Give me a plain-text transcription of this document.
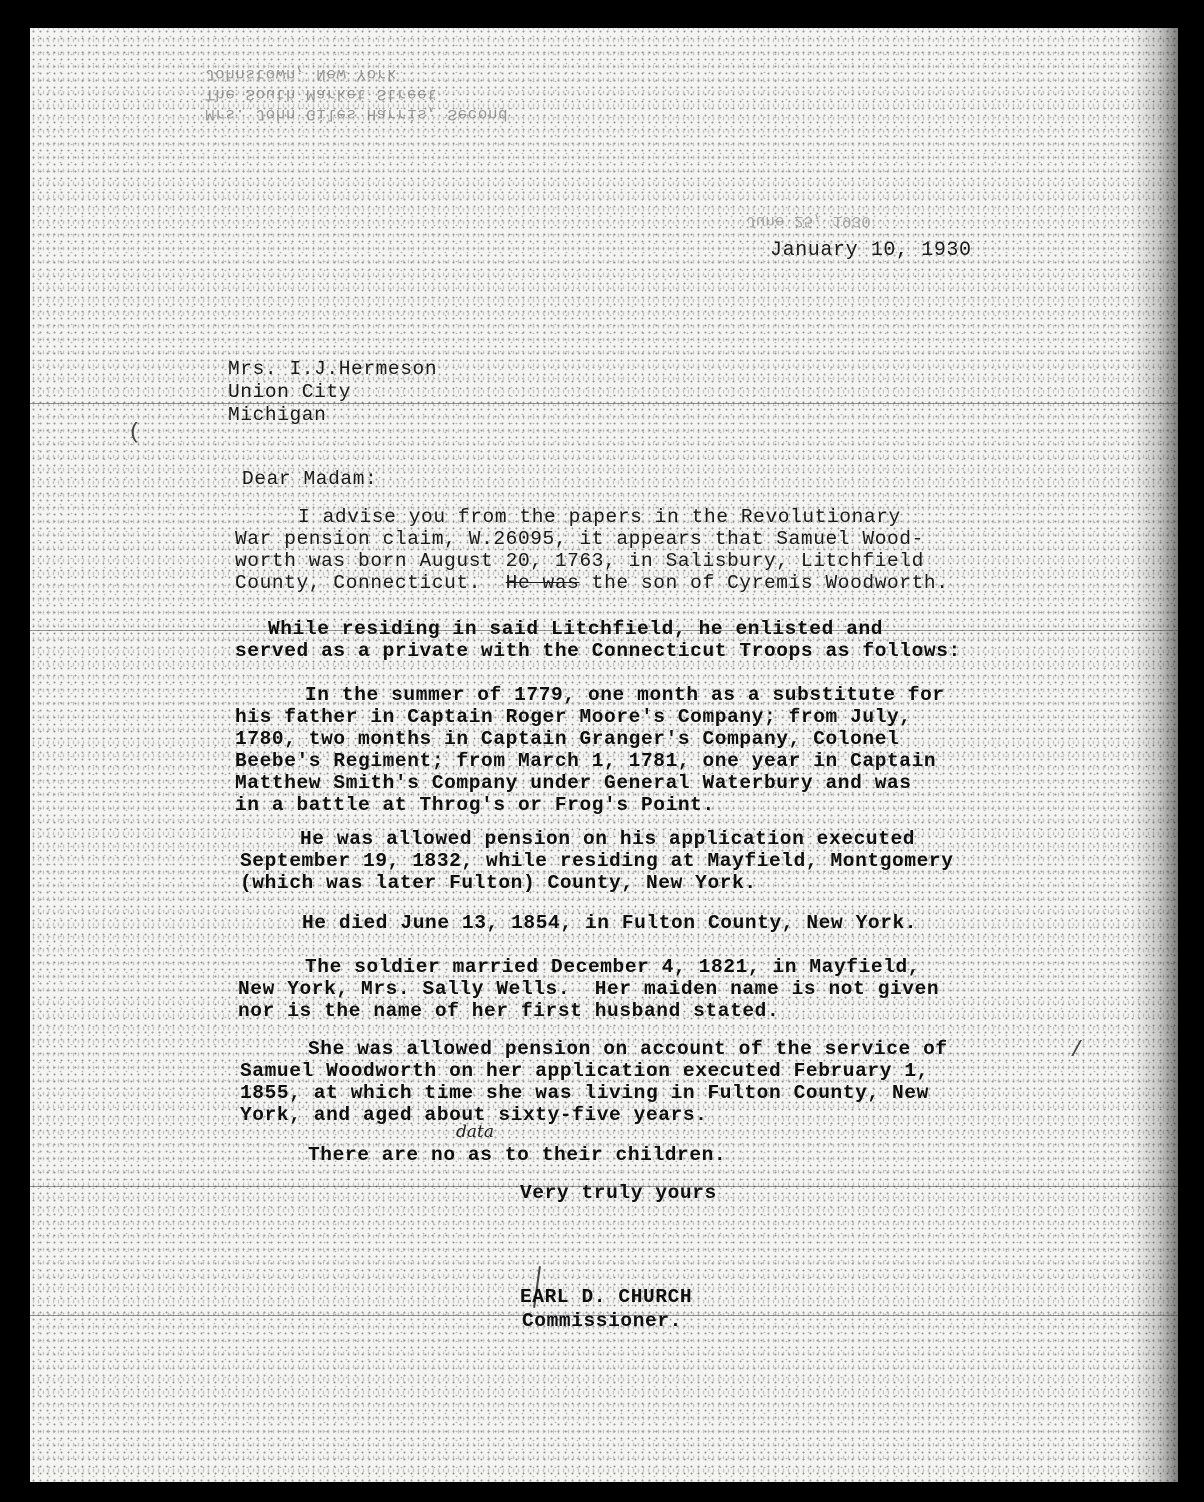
Mrs. John Giles Harris, Second
The South Market Street
Johnstown, New York
June 25, 1930
January 10, 1930
Mrs. I.J.Hermeson
Union City
Michigan
Dear Madam:
I advise you from the papers in the Revolutionary
War pension claim, W.26095, it appears that Samuel Wood-
worth was born August 20, 1763, in Salisbury, Litchfield
County, Connecticut.  He was the son of Cyremis Woodworth.
While residing in said Litchfield, he enlisted and
served as a private with the Connecticut Troops as follows:
In the summer of 1779, one month as a substitute for
his father in Captain Roger Moore's Company; from July,
1780, two months in Captain Granger's Company, Colonel
Beebe's Regiment; from March 1, 1781, one year in Captain
Matthew Smith's Company under General Waterbury and was
in a battle at Throg's or Frog's Point.
He was allowed pension on his application executed
September 19, 1832, while residing at Mayfield, Montgomery
(which was later Fulton) County, New York.
He died June 13, 1854, in Fulton County, New York.
The soldier married December 4, 1821, in Mayfield,
New York, Mrs. Sally Wells.  Her maiden name is not given
nor is the name of her first husband stated.
She was allowed pension on account of the service of
Samuel Woodworth on her application executed February 1,
1855, at which time she was living in Fulton County, New
York, and aged about sixty-five years.
data
There are no as to their children.
Very truly yours
EARL D. CHURCH
Commissioner.
(
/
